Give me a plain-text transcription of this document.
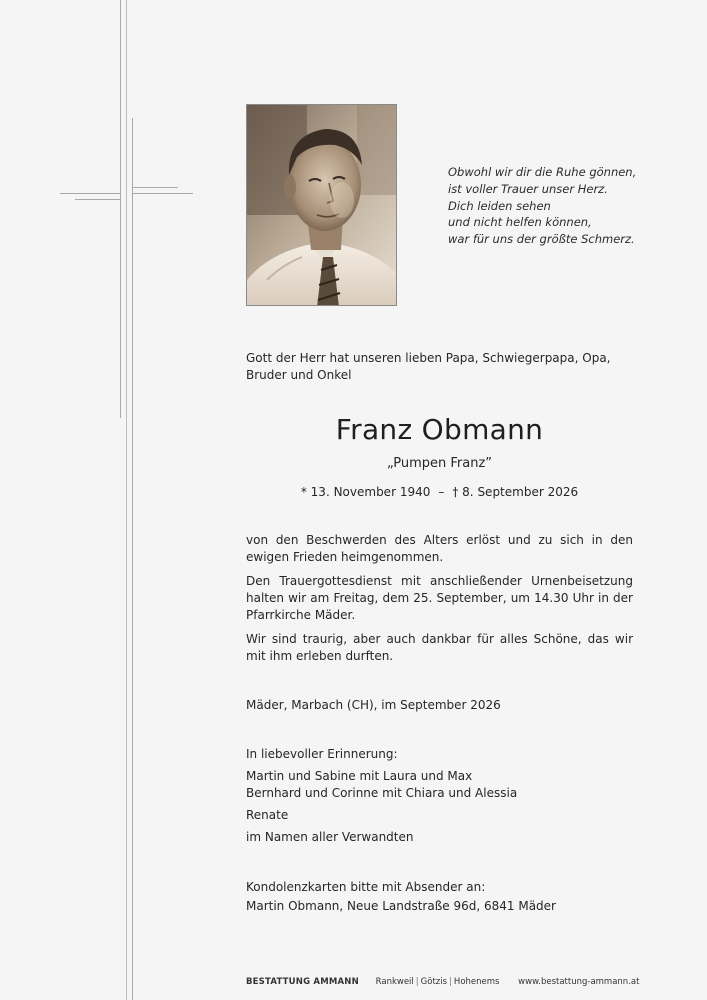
Obwohl wir dir die Ruhe gönnen,
ist voller Trauer unser Herz.
Dich leiden sehen
und nicht helfen können,
war für uns der größte Schmerz.
Gott der Herr hat unseren lieben Papa, Schwiegerpapa, Opa, Bruder und Onkel
Franz Obmann
„Pumpen Franz”
* 13. November 1940 – † 8. September 2026
von den Beschwerden des Alters erlöst und zu sich in den ewigen Frieden heimgenommen.
Den Trauergottesdienst mit anschließender Urnenbeisetzung halten wir am Freitag, dem 25. September, um 14.30 Uhr in der Pfarrkirche Mäder.
Wir sind traurig, aber auch dankbar für alles Schöne, das wir mit ihm erleben durften.
Mäder, Marbach (CH), im September 2026
In liebevoller Erinnerung:
Martin und Sabine mit Laura und Max
Bernhard und Corinne mit Chiara und Alessia
Renate
im Namen aller Verwandten
Kondolenzkarten bitte mit Absender an:
Martin Obmann, Neue Landstraße 96d, 6841 Mäder
BESTATTUNG AMMANN Rankweil | Götzis | Hohenems www.bestattung-ammann.at
